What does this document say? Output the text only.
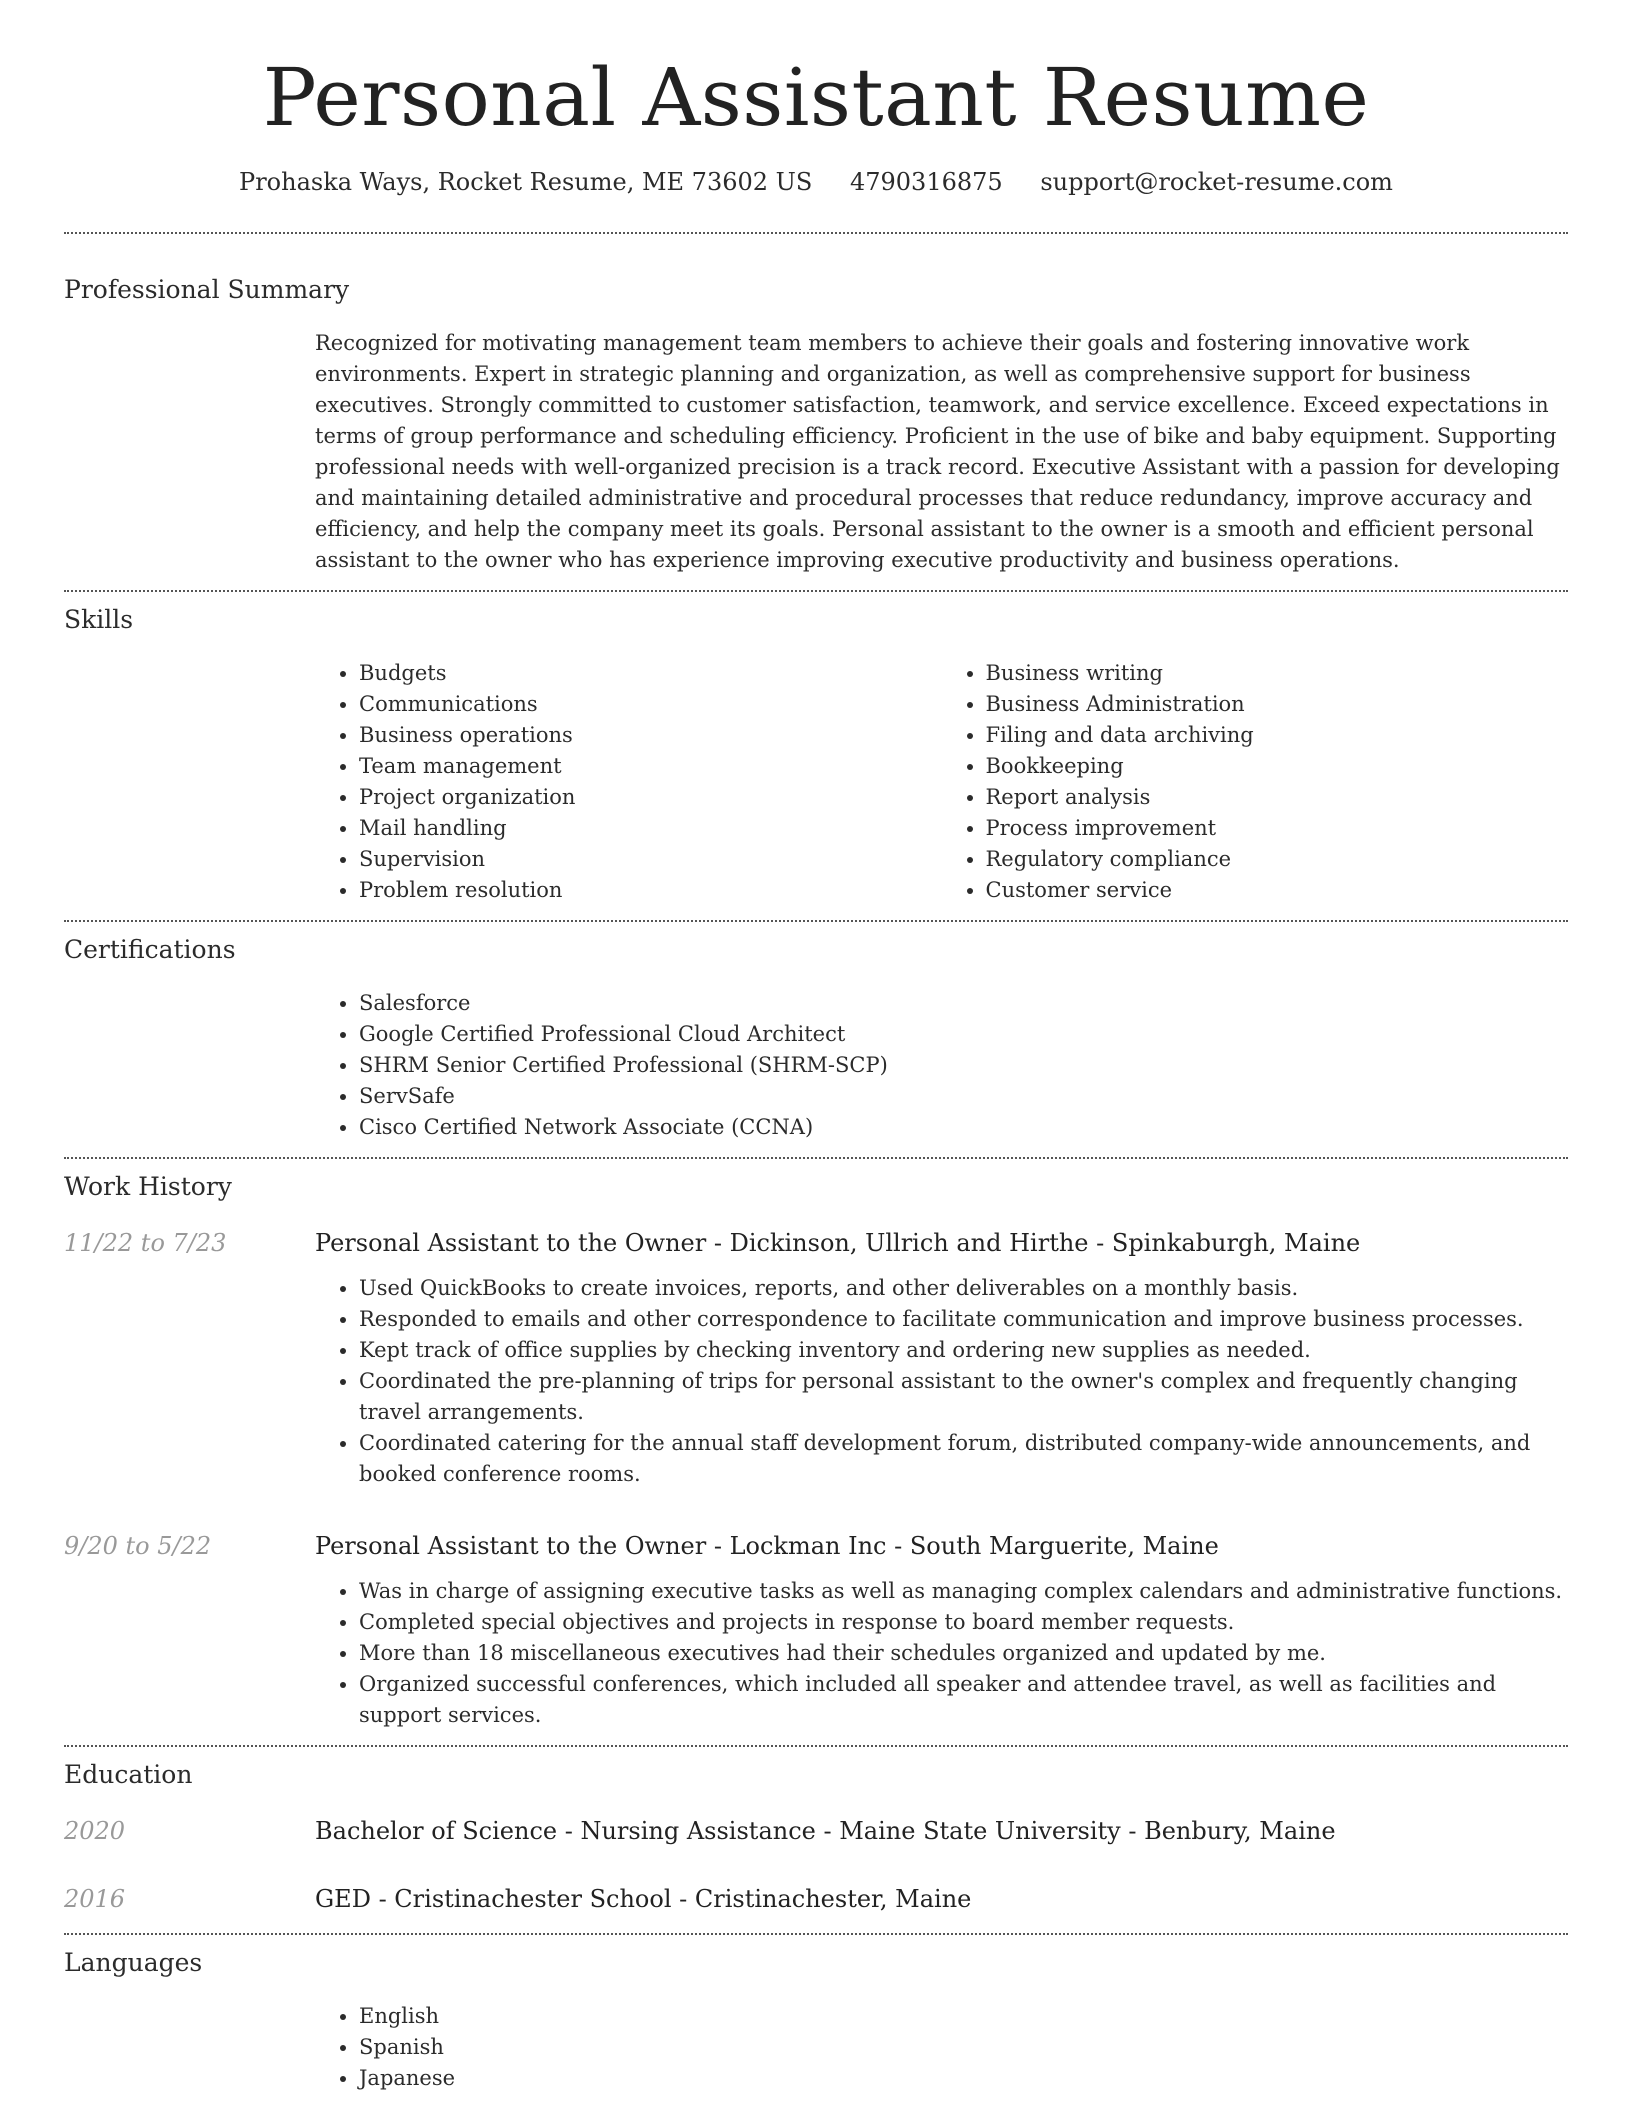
Personal Assistant Resume
Prohaska Ways, Rocket Resume, ME 73602 US 4790316875 support@rocket-resume.com
Professional Summary
Recognized for motivating management team members to achieve their goals and fostering innovative work environments. Expert in strategic planning and organization, as well as comprehensive support for business executives. Strongly committed to customer satisfaction, teamwork, and service excellence. Exceed expectations in terms of group performance and scheduling efficiency. Proficient in the use of bike and baby equipment. Supporting professional needs with well-organized precision is a track record. Executive Assistant with a passion for developing and maintaining detailed administrative and procedural processes that reduce redundancy, improve accuracy and efficiency, and help the company meet its goals. Personal assistant to the owner is a smooth and efficient personal assistant to the owner who has experience improving executive productivity and business operations.
Skills
• Budgets
• Communications
• Business operations
• Team management
• Project organization
• Mail handling
• Supervision
• Problem resolution
• Business writing
• Business Administration
• Filing and data archiving
• Bookkeeping
• Report analysis
• Process improvement
• Regulatory compliance
• Customer service
Certifications
• Salesforce
• Google Certified Professional Cloud Architect
• SHRM Senior Certified Professional (SHRM-SCP)
• ServSafe
• Cisco Certified Network Associate (CCNA)
Work History
11/22 to 7/23	Personal Assistant to the Owner - Dickinson, Ullrich and Hirthe - Spinkaburgh, Maine
• Used QuickBooks to create invoices, reports, and other deliverables on a monthly basis.
• Responded to emails and other correspondence to facilitate communication and improve business processes.
• Kept track of office supplies by checking inventory and ordering new supplies as needed.
• Coordinated the pre-planning of trips for personal assistant to the owner's complex and frequently changing travel arrangements.
• Coordinated catering for the annual staff development forum, distributed company-wide announcements, and booked conference rooms.
9/20 to 5/22	Personal Assistant to the Owner - Lockman Inc - South Marguerite, Maine
• Was in charge of assigning executive tasks as well as managing complex calendars and administrative functions.
• Completed special objectives and projects in response to board member requests.
• More than 18 miscellaneous executives had their schedules organized and updated by me.
• Organized successful conferences, which included all speaker and attendee travel, as well as facilities and support services.
Education
2020	Bachelor of Science - Nursing Assistance - Maine State University - Benbury, Maine
2016	GED - Cristinachester School - Cristinachester, Maine
Languages
• English
• Spanish
• Japanese
